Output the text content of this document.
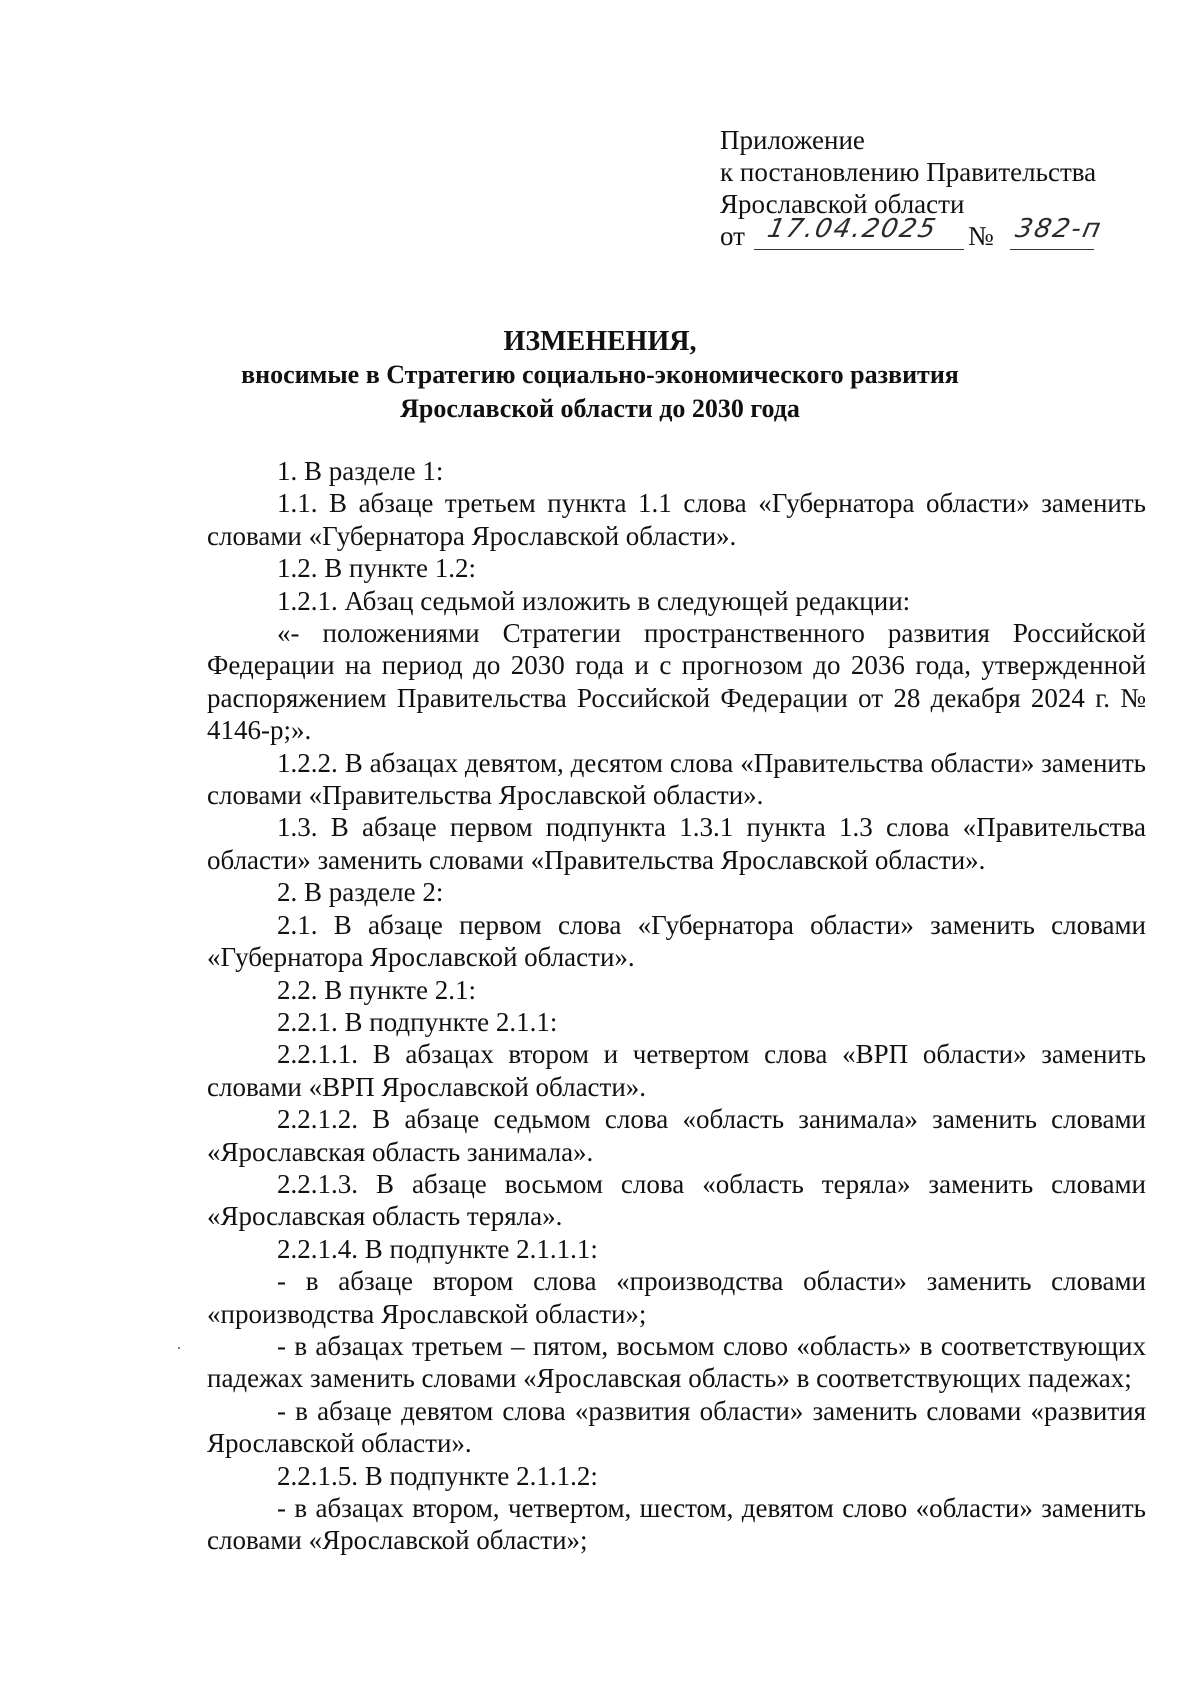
Приложение
к постановлению Правительства
Ярославской области
от 17.04.2025 № 382-п
ИЗМЕНЕНИЯ,
вносимые в Стратегию социально-экономического развития
Ярославской области до 2030 года

1. В разделе 1:

1.1. В абзаце третьем пункта 1.1 слова «Губернатора области» заменить словами «Губернатора Ярославской области».

1.2. В пункте 1.2:

1.2.1. Абзац седьмой изложить в следующей редакции:

«- положениями Стратегии пространственного развития Российской Федерации на период до 2030 года и с прогнозом до 2036 года, утвержденной распоряжением Правительства Российской Федерации от 28 декабря 2024 г. № 4146-р;».

1.2.2. В абзацах девятом, десятом слова «Правительства области» заменить словами «Правительства Ярославской области».

1.3. В абзаце первом подпункта 1.3.1 пункта 1.3 слова «Правительства области» заменить словами «Правительства Ярославской области».

2. В разделе 2:

2.1. В абзаце первом слова «Губернатора области» заменить словами «Губернатора Ярославской области».

2.2. В пункте 2.1:

2.2.1. В подпункте 2.1.1:

2.2.1.1. В абзацах втором и четвертом слова «ВРП области» заменить словами «ВРП Ярославской области».

2.2.1.2. В абзаце седьмом слова «область занимала» заменить словами «Ярославская область занимала».

2.2.1.3. В абзаце восьмом слова «область теряла» заменить словами «Ярославская область теряла».

2.2.1.4. В подпункте 2.1.1.1:

- в абзаце втором слова «производства области» заменить словами «производства Ярославской области»;

- в абзацах третьем – пятом, восьмом слово «область» в соответствующих падежах заменить словами «Ярославская область» в соответствующих падежах;

- в абзаце девятом слова «развития области» заменить словами «развития Ярославской области».

2.2.1.5. В подпункте 2.1.1.2:

- в абзацах втором, четвертом, шестом, девятом слово «области» заменить словами «Ярославской области»;
